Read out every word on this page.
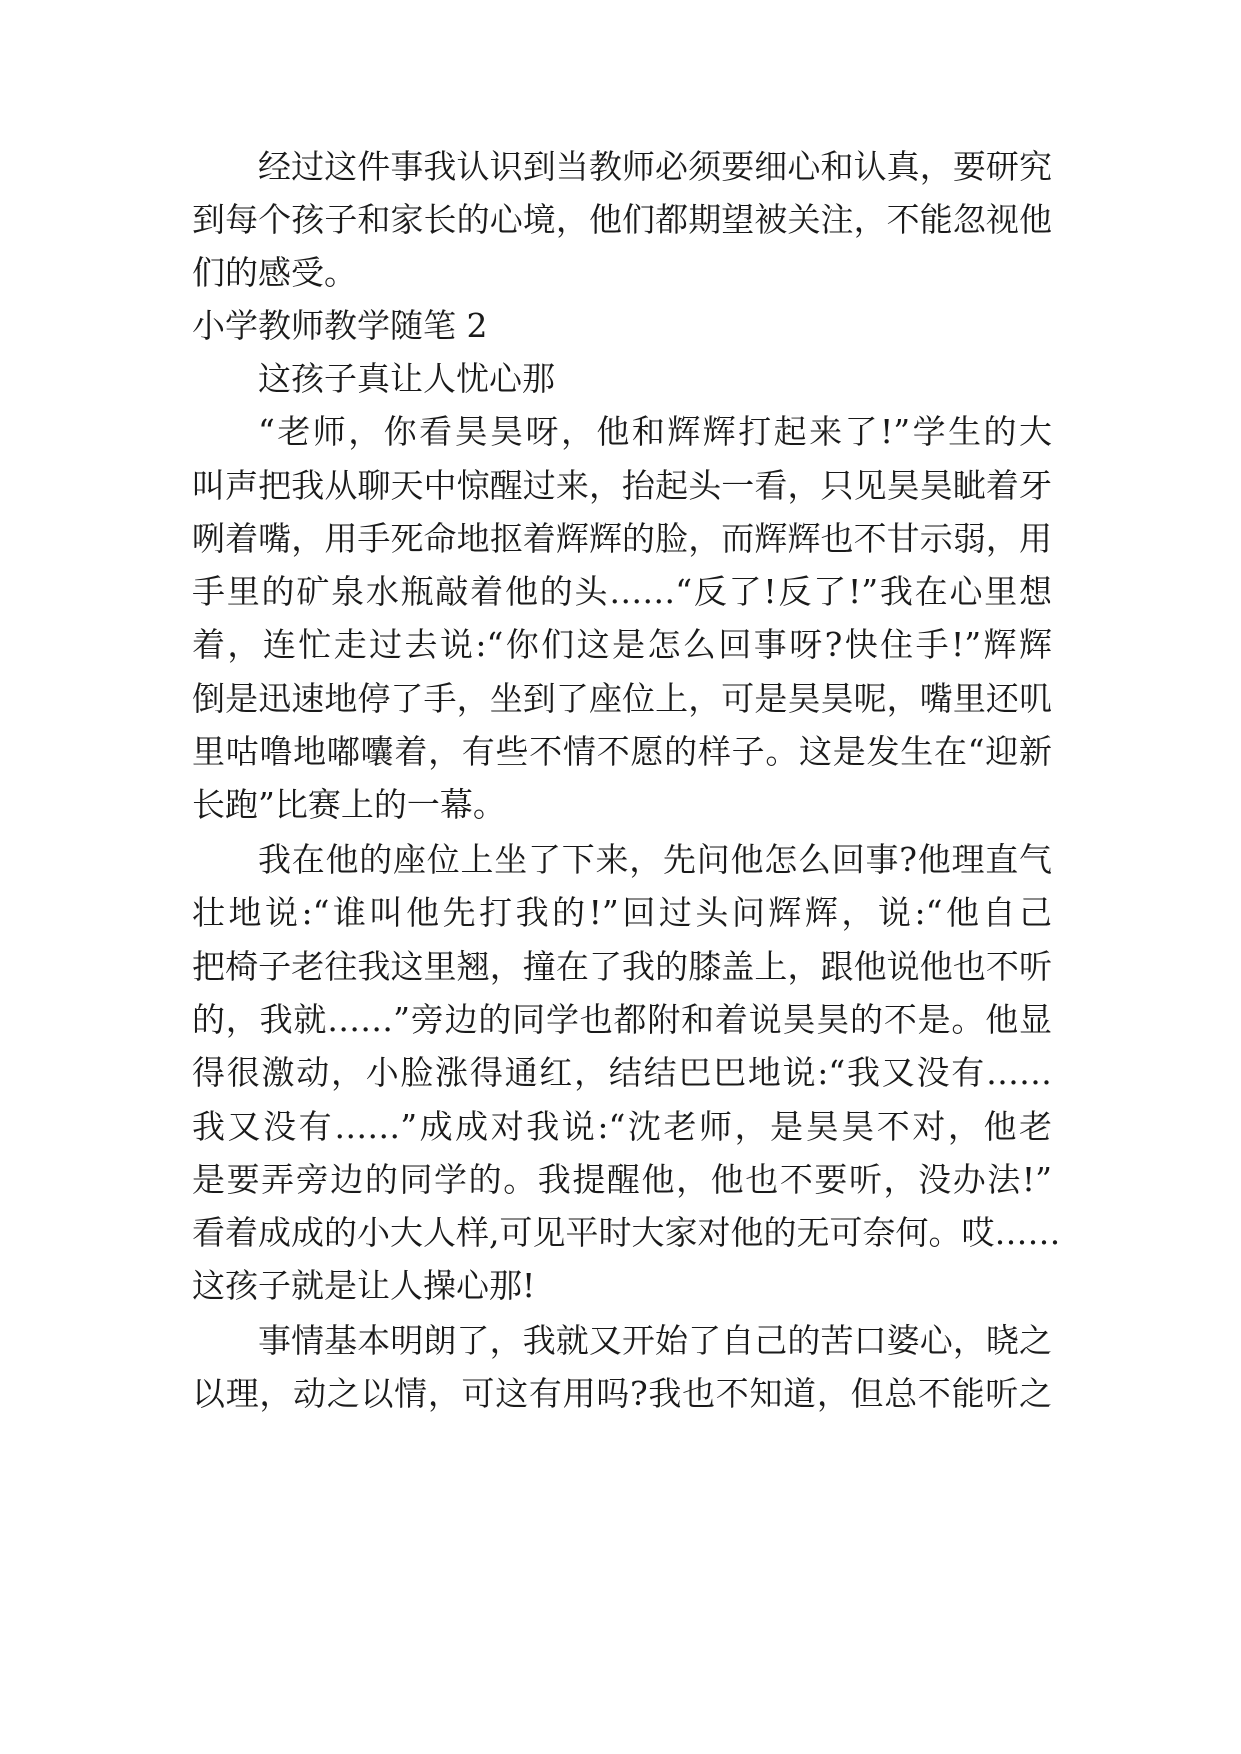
经过这件事我认识到当教师必须要细心和认真，要研究
到每个孩子和家长的心境，他们都期望被关注，不能忽视他
们的感受。
小学教师教学随笔 2
这孩子真让人忧心那
“老师，你看昊昊呀，他和辉辉打起来了!”学生的大
叫声把我从聊天中惊醒过来，抬起头一看，只见昊昊眦着牙
咧着嘴，用手死命地抠着辉辉的脸，而辉辉也不甘示弱，用
手里的矿泉水瓶敲着他的头……“反了!反了!”我在心里想
着，连忙走过去说:“你们这是怎么回事呀?快住手!”辉辉
倒是迅速地停了手，坐到了座位上，可是昊昊呢，嘴里还叽
里咕噜地嘟囔着，有些不情不愿的样子。这是发生在“迎新
长跑”比赛上的一幕。
我在他的座位上坐了下来，先问他怎么回事?他理直气
壮地说:“谁叫他先打我的!”回过头问辉辉，说:“他自己
把椅子老往我这里翘，撞在了我的膝盖上，跟他说他也不听
的，我就……”旁边的同学也都附和着说昊昊的不是。他显
得很激动，小脸涨得通红，结结巴巴地说:“我又没有……
我又没有……”成成对我说:“沈老师，是昊昊不对，他老
是要弄旁边的同学的。我提醒他，他也不要听，没办法!”
看着成成的小大人样,可见平时大家对他的无可奈何。哎……
这孩子就是让人操心那!
事情基本明朗了，我就又开始了自己的苦口婆心，晓之
以理，动之以情，可这有用吗?我也不知道，但总不能听之
